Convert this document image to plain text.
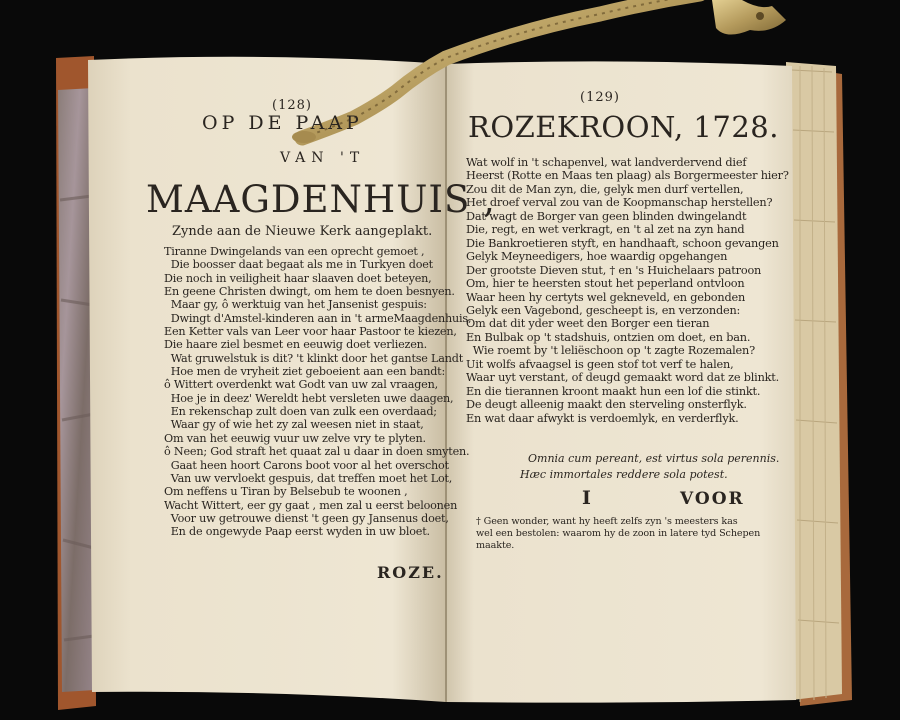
(128)
OP DE PAAP
VAN 'T
MAAGDENHUIS ,
Zynde aan de Nieuwe Kerk aangeplakt.
Tiranne Dwingelands van een oprecht gemoet ,
Die boosser daat begaat als me in Turkyen doet
Die noch in veiligheit haar slaaven doet beteyen,
En geene Christen dwingt, om hem te doen besnyen.
Maar gy, ô werktuig van het Jansenist gespuis:
Dwingt d'Amstel-kinderen aan in 't armeMaagdenhuis,
Een Ketter vals van Leer voor haar Pastoor te kiezen,
Die haare ziel besmet en eeuwig doet verliezen.
Wat gruwelstuk is dit? 't klinkt door het gantse Landt
Hoe men de vryheit ziet geboeient aan een bandt:
ô Wittert overdenkt wat Godt van uw zal vraagen,
Hoe je in deez' Wereldt hebt versleten uwe daagen,
En rekenschap zult doen van zulk een overdaad;
Waar gy of wie het zy zal weesen niet in staat,
Om van het eeuwig vuur uw zelve vry te plyten.
ô Neen; God straft het quaat zal u daar in doen smyten.
Gaat heen hoort Carons boot voor al het overschot
Van uw vervloekt gespuis, dat treffen moet het Lot,
Om neffens u Tiran by Belsebub te woonen ,
Wacht Wittert, eer gy gaat , men zal u eerst beloonen
Voor uw getrouwe dienst 't geen gy Jansenus doet,
En de ongewyde Paap eerst wyden in uw bloet.
ROZE.
(129)
ROZEKROON, 1728.
Wat wolf in 't schapenvel, wat landverdervend dief
Heerst (Rotte en Maas ten plaag) als Borgermeester hier?
Zou dit de Man zyn, die, gelyk men durf vertellen,
Het droef verval zou van de Koopmanschap herstellen?
Dat wagt de Borger van geen blinden dwingelandt
Die, regt, en wet verkragt, en 't al zet na zyn hand
Die Bankroetieren styft, en handhaaft, schoon gevangen
Gelyk Meyneedigers, hoe waardig opgehangen
Der grootste Dieven stut, † en 's Huichelaars patroon
Om, hier te heersten stout het peperland ontvloon
Waar heen hy certyts wel gekneveld, en gebonden
Gelyk een Vagebond, gescheept is, en verzonden:
Om dat dit yder weet den Borger een tieran
En Bulbak op 't stadshuis, ontzien om doet, en ban.
Wie roemt by 't leliëschoon op 't zagte Rozemalen?
Uit wolfs afvaagsel is geen stof tot verf te halen,
Waar uyt verstant, of deugd gemaakt word dat ze blinkt.
En die tierannen kroont maakt hun een lof die stinkt.
De deugt alleenig maakt den sterveling onsterflyk.
En wat daar afwykt is verdoemlyk, en verderflyk.
Omnia cum pereant, est virtus sola perennis.
Hæc immortales reddere sola potest.
I	VOOR
† Geen wonder, want hy heeft zelfs zyn 's meesters kas
wel een bestolen: waarom hy de zoon in latere tyd Schepen
maakte.
